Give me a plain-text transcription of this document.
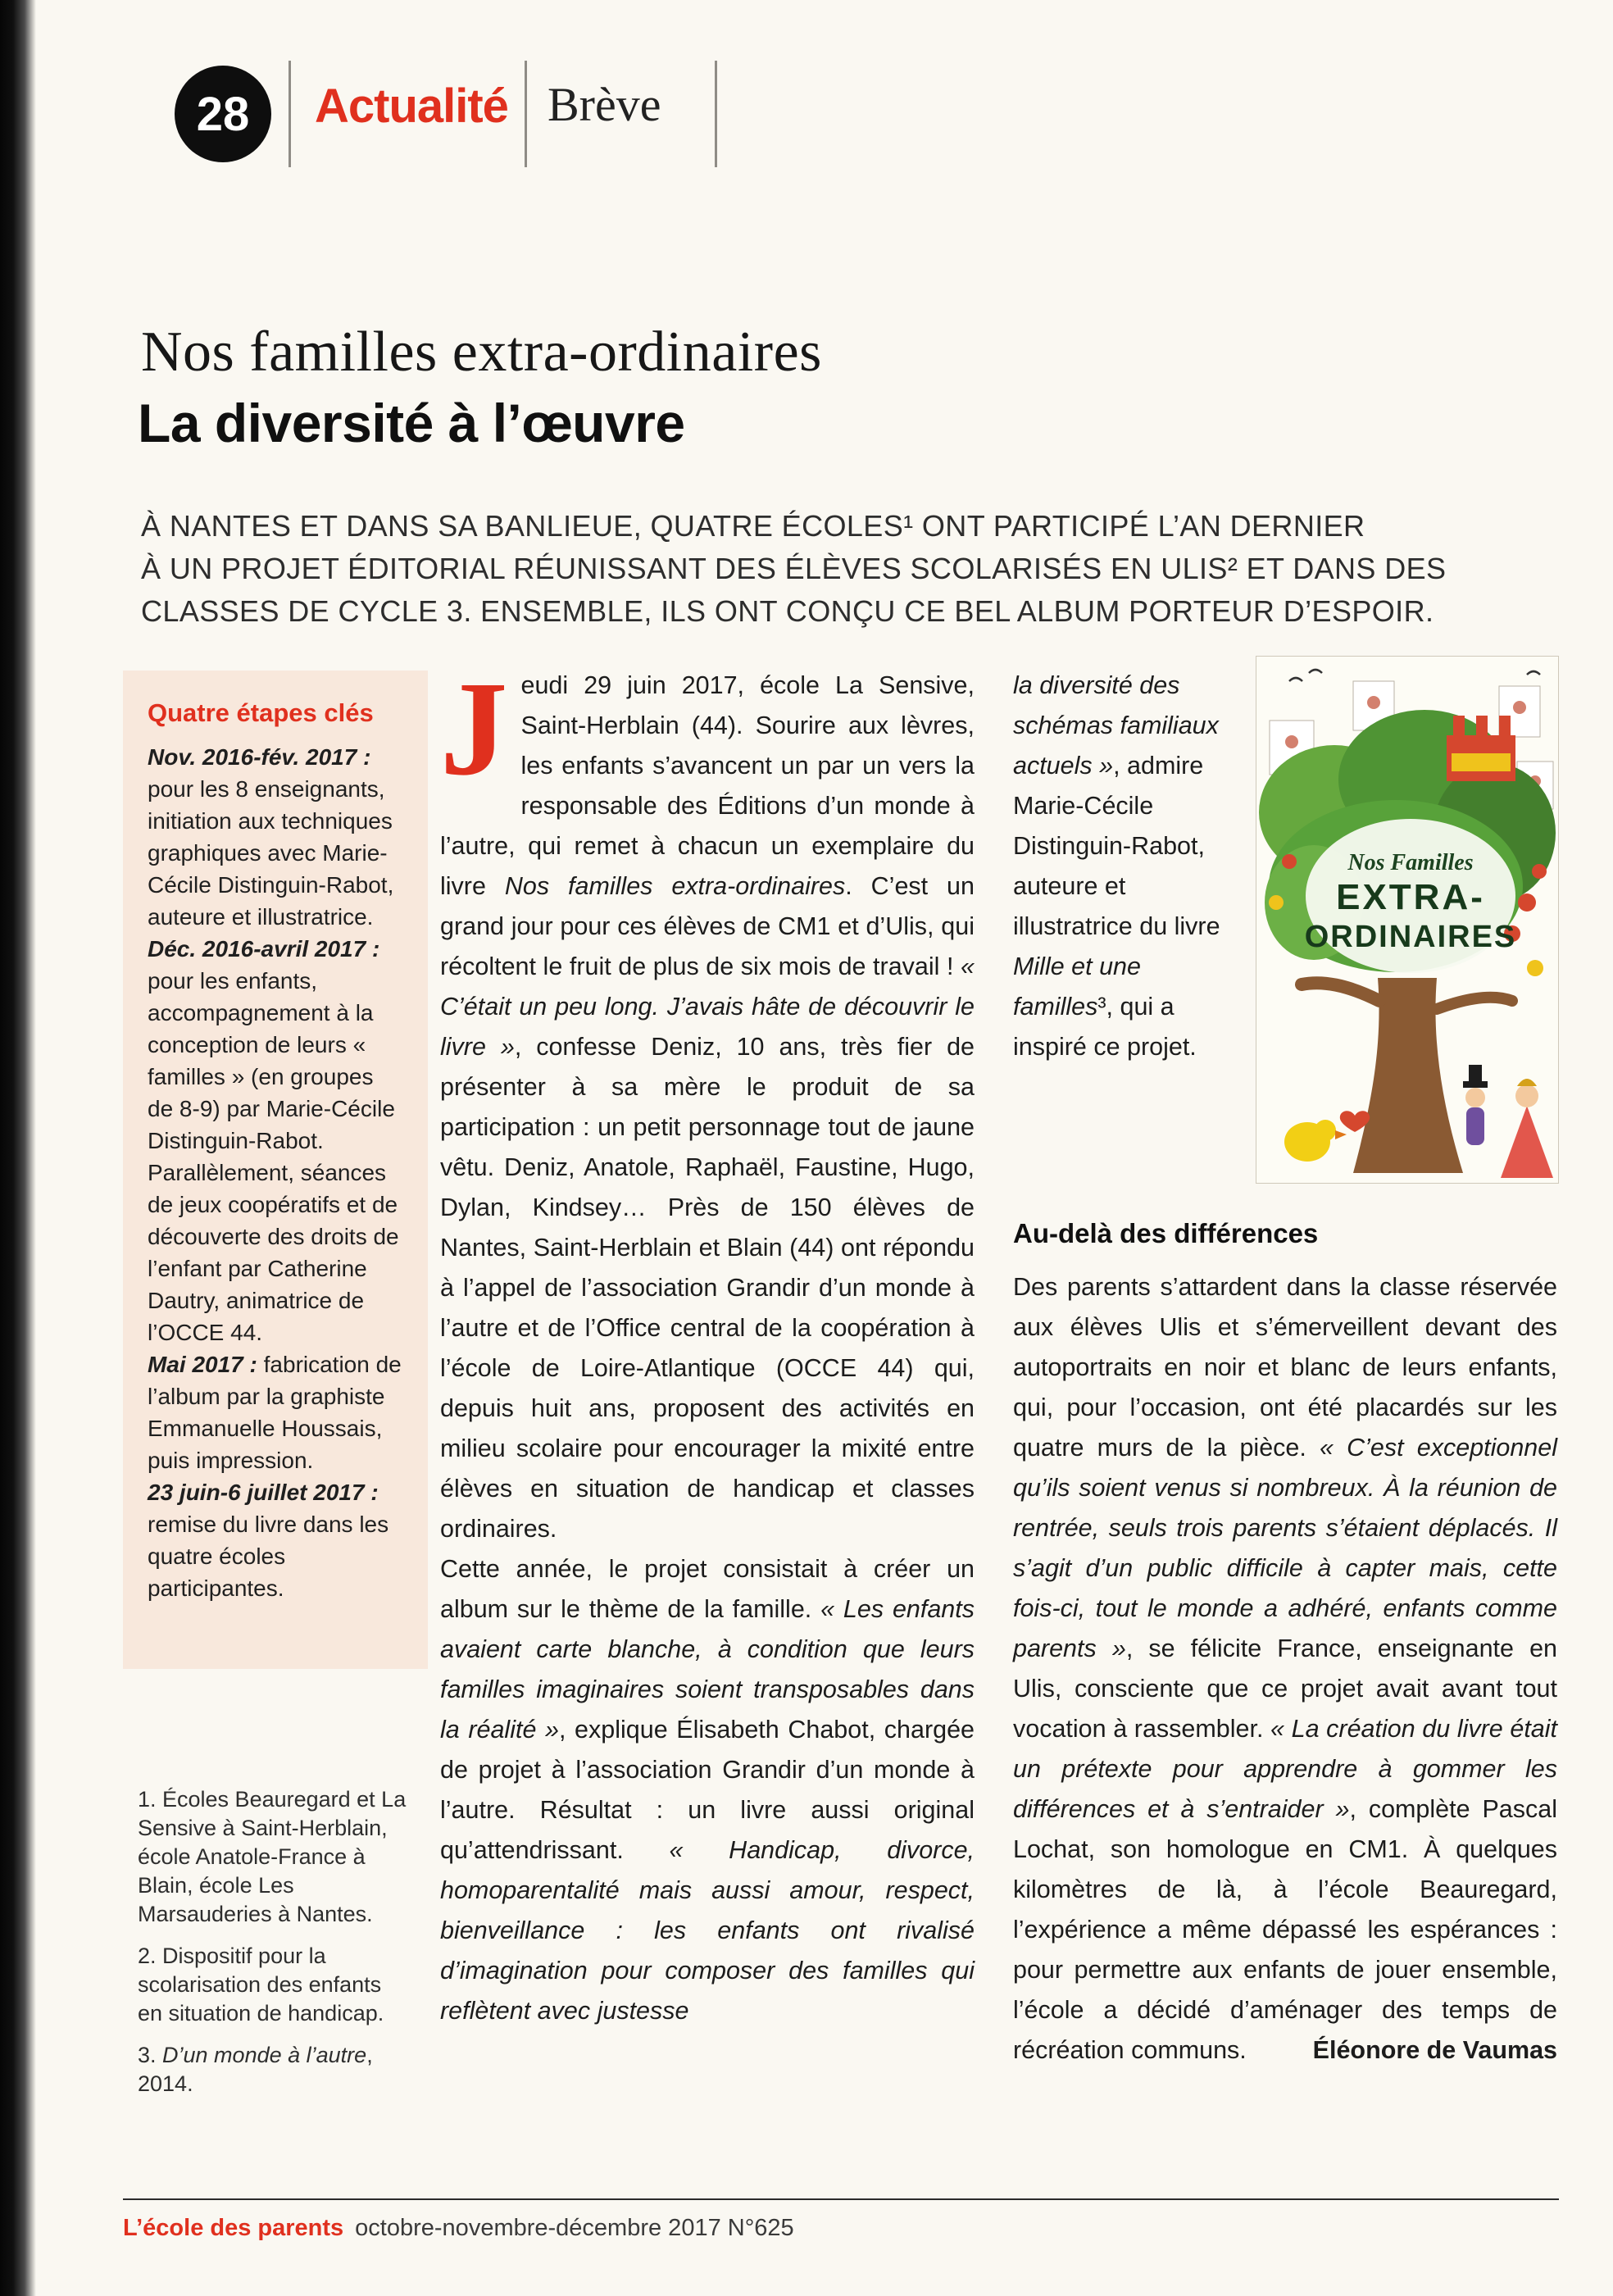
28	Actualité Brève
Nos familles extra-ordinaires
La diversité à l’œuvre
À NANTES ET DANS SA BANLIEUE, QUATRE ÉCOLES¹ ONT PARTICIPÉ L’AN DERNIER
À UN PROJET ÉDITORIAL RÉUNISSANT DES ÉLÈVES SCOLARISÉS EN ULIS² ET DANS DES
CLASSES DE CYCLE 3. ENSEMBLE, ILS ONT CONÇU CE BEL ALBUM PORTEUR D’ESPOIR.
Quatre étapes clés

Nov. 2016-fév. 2017 : pour les 8 enseignants, initiation aux techniques graphiques avec Marie-Cécile Distinguin-Rabot, auteure et illustratrice.

Déc. 2016-avril 2017 : pour les enfants, accompagnement à la conception de leurs « familles » (en groupes de 8-9) par Marie-Cécile Distinguin-Rabot. Parallèlement, séances de jeux coopératifs et de découverte des droits de l’enfant par Catherine Dautry, animatrice de l’OCCE 44.

Mai 2017 : fabrication de l’album par la graphiste Emmanuelle Houssais, puis impression.

23 juin-6 juillet 2017 : remise du livre dans les quatre écoles participantes.

1. Écoles Beauregard et La Sensive à Saint-Herblain, école Anatole-France à Blain, école Les Marsauderies à Nantes.

2. Dispositif pour la scolarisation des enfants en situation de handicap.

3. D’un monde à l’autre, 2014.

Jeudi 29 juin 2017, école La Sensive, Saint-Herblain (44). Sourire aux lèvres, les enfants s’avancent un par un vers la responsable des Éditions d’un monde à l’autre, qui remet à chacun un exemplaire du livre Nos familles extra-ordinaires. C’est un grand jour pour ces élèves de CM1 et d’Ulis, qui récoltent le fruit de plus de six mois de travail ! « C’était un peu long. J’avais hâte de découvrir le livre », confesse Deniz, 10 ans, très fier de présenter à sa mère le produit de sa participation : un petit personnage tout de jaune vêtu. Deniz, Anatole, Raphaël, Faustine, Hugo, Dylan, Kindsey… Près de 150 élèves de Nantes, Saint-Herblain et Blain (44) ont répondu à l’appel de l’association Grandir d’un monde à l’autre et de l’Office central de la coopération à l’école de Loire-Atlantique (OCCE 44) qui, depuis huit ans, proposent des activités en milieu scolaire pour encourager la mixité entre élèves en situation de handicap et classes ordinaires.

Cette année, le projet consistait à créer un album sur le thème de la famille. « Les enfants avaient carte blanche, à condition que leurs familles imaginaires soient transposables dans la réalité », explique Élisabeth Chabot, chargée de projet à l’association Grandir d’un monde à l’autre. Résultat : un livre aussi original qu’attendrissant. « Handicap, divorce, homoparentalité mais aussi amour, respect, bienveillance : les enfants ont rivalisé d’imagination pour composer des familles qui reflètent avec justesse

la diversité des schémas familiaux actuels », admire Marie-Cécile Distinguin-Rabot, auteure et illustratrice du livre Mille et une familles³, qui a inspiré ce projet.
Nos Familles
EXTRA-
ORDINAIRES
Au-delà des différences

Des parents s’attardent dans la classe réservée aux élèves Ulis et s’émerveillent devant des autoportraits en noir et blanc de leurs enfants, qui, pour l’occasion, ont été placardés sur les quatre murs de la pièce. « C’est exceptionnel qu’ils soient venus si nombreux. À la réunion de rentrée, seuls trois parents s’étaient déplacés. Il s’agit d’un public difficile à capter mais, cette fois-ci, tout le monde a adhéré, enfants comme parents », se félicite France, enseignante en Ulis, consciente que ce projet avait avant tout vocation à rassembler. « La création du livre était un prétexte pour apprendre à gommer les différences et à s’entraider », complète Pascal Lochat, son homologue en CM1. À quelques kilomètres de là, à l’école Beauregard, l’expérience a même dépassé les espérances : pour permettre aux enfants de jouer ensemble, l’école a décidé d’aménager des temps de récréation communs.	Éléonore de Vaumas
L’école des parents octobre-novembre-décembre 2017 N°625
